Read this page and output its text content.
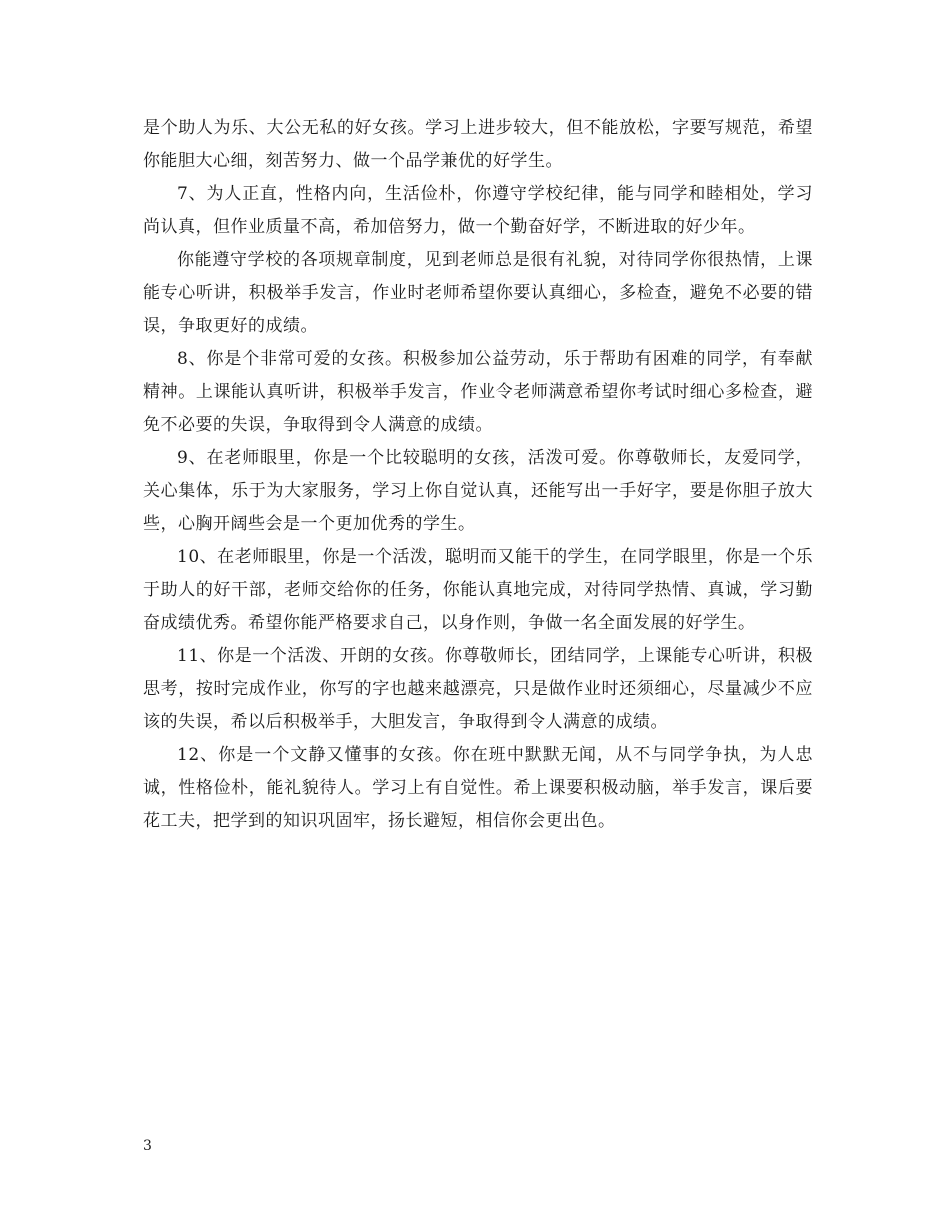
是个助人为乐、大公无私的好女孩。学习上进步较大，但不能放松，字要写规范，希望你能胆大心细，刻苦努力、做一个品学兼优的好学生。

7、为人正直，性格内向，生活俭朴，你遵守学校纪律，能与同学和睦相处，学习尚认真，但作业质量不高，希加倍努力，做一个勤奋好学，不断进取的好少年。

你能遵守学校的各项规章制度，见到老师总是很有礼貌，对待同学你很热情，上课能专心听讲，积极举手发言，作业时老师希望你要认真细心，多检查，避免不必要的错误，争取更好的成绩。

8、你是个非常可爱的女孩。积极参加公益劳动，乐于帮助有困难的同学，有奉献精神。上课能认真听讲，积极举手发言，作业令老师满意希望你考试时细心多检查，避免不必要的失误，争取得到令人满意的成绩。

9、在老师眼里，你是一个比较聪明的女孩，活泼可爱。你尊敬师长，友爱同学，关心集体，乐于为大家服务，学习上你自觉认真，还能写出一手好字，要是你胆子放大些，心胸开阔些会是一个更加优秀的学生。

10、在老师眼里，你是一个活泼，聪明而又能干的学生，在同学眼里，你是一个乐于助人的好干部，老师交给你的任务，你能认真地完成，对待同学热情、真诚，学习勤奋成绩优秀。希望你能严格要求自己，以身作则，争做一名全面发展的好学生。

11、你是一个活泼、开朗的女孩。你尊敬师长，团结同学，上课能专心听讲，积极思考，按时完成作业，你写的字也越来越漂亮，只是做作业时还须细心，尽量减少不应该的失误，希以后积极举手，大胆发言，争取得到令人满意的成绩。

12、你是一个文静又懂事的女孩。你在班中默默无闻，从不与同学争执，为人忠诚，性格俭朴，能礼貌待人。学习上有自觉性。希上课要积极动脑，举手发言，课后要花工夫，把学到的知识巩固牢，扬长避短，相信你会更出色。

3
